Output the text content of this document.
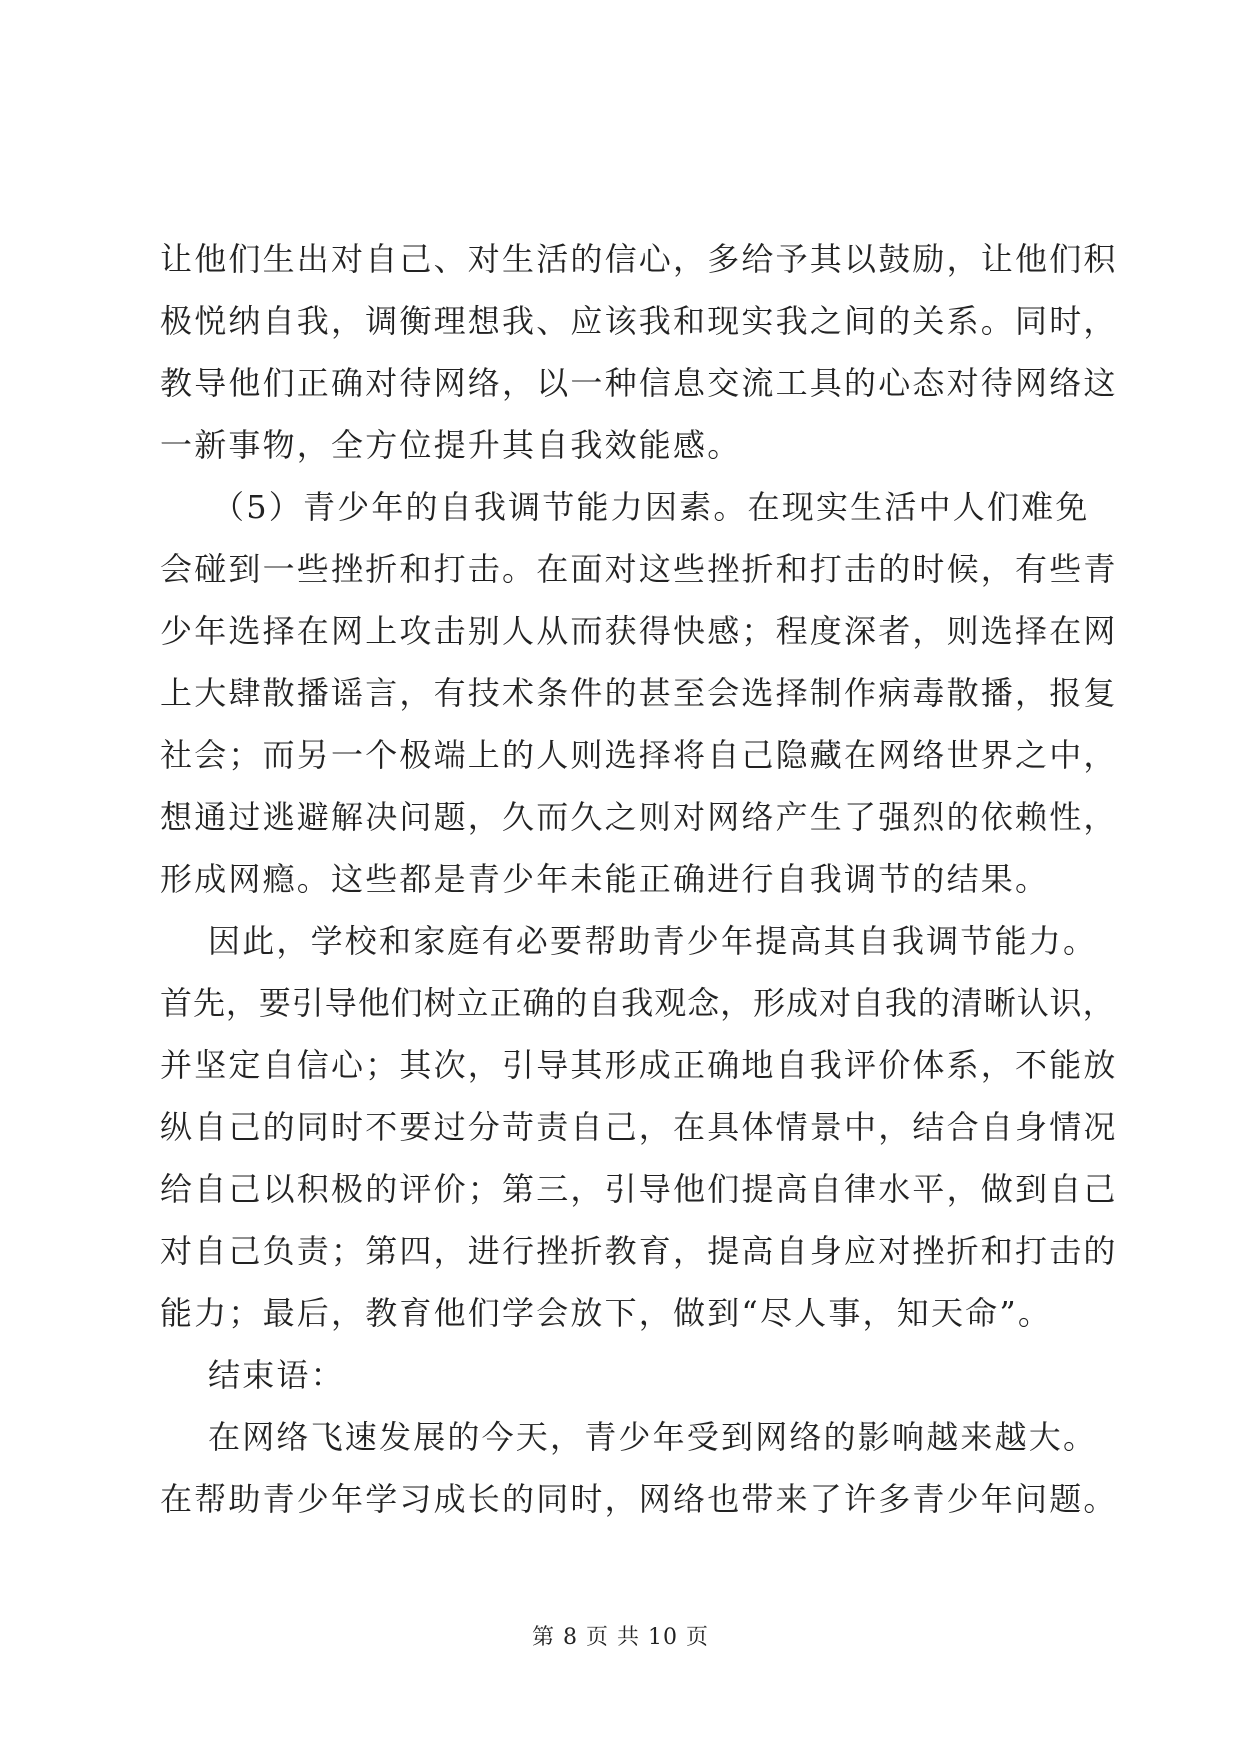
让他们生出对自己、对生活的信心，多给予其以鼓励，让他们积
极悦纳自我，调衡理想我、应该我和现实我之间的关系。同时，
教导他们正确对待网络，以一种信息交流工具的心态对待网络这
一新事物，全方位提升其自我效能感。
（5）青少年的自我调节能力因素。在现实生活中人们难免
会碰到一些挫折和打击。在面对这些挫折和打击的时候，有些青
少年选择在网上攻击别人从而获得快感；程度深者，则选择在网
上大肆散播谣言，有技术条件的甚至会选择制作病毒散播，报复
社会；而另一个极端上的人则选择将自己隐藏在网络世界之中，
想通过逃避解决问题，久而久之则对网络产生了强烈的依赖性，
形成网瘾。这些都是青少年未能正确进行自我调节的结果。
因此，学校和家庭有必要帮助青少年提高其自我调节能力。
首先，要引导他们树立正确的自我观念，形成对自我的清晰认识，
并坚定自信心；其次，引导其形成正确地自我评价体系，不能放
纵自己的同时不要过分苛责自己，在具体情景中，结合自身情况
给自己以积极的评价；第三，引导他们提高自律水平，做到自己
对自己负责；第四，进行挫折教育，提高自身应对挫折和打击的
能力；最后，教育他们学会放下，做到“尽人事，知天命”。
结束语：
在网络飞速发展的今天，青少年受到网络的影响越来越大。
在帮助青少年学习成长的同时，网络也带来了许多青少年问题。
第 8 页 共 10 页
